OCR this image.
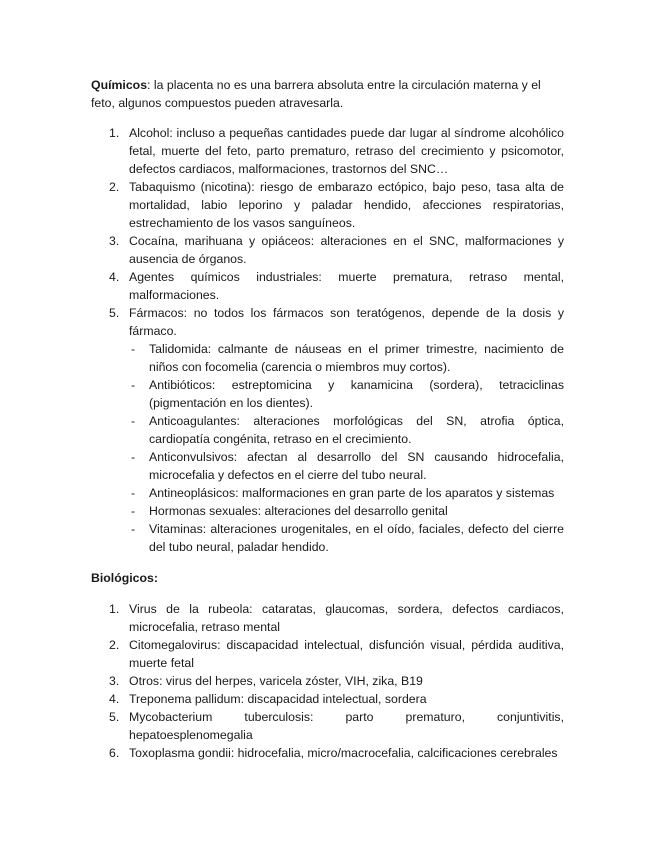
Químicos: la placenta no es una barrera absoluta entre la circulación materna y el feto, algunos compuestos pueden atravesarla.

1. Alcohol: incluso a pequeñas cantidades puede dar lugar al síndrome alcohólico fetal, muerte del feto, parto prematuro, retraso del crecimiento y psicomotor, defectos cardiacos, malformaciones, trastornos del SNC…
2. Tabaquismo (nicotina): riesgo de embarazo ectópico, bajo peso, tasa alta de mortalidad, labio leporino y paladar hendido, afecciones respiratorias, estrechamiento de los vasos sanguíneos.
3. Cocaína, marihuana y opiáceos: alteraciones en el SNC, malformaciones y ausencia de órganos.
4. Agentes químicos industriales: muerte prematura, retraso mental, malformaciones.
5. Fármacos: no todos los fármacos son teratógenos, depende de la dosis y fármaco.
- Talidomida: calmante de náuseas en el primer trimestre, nacimiento de niños con focomelia (carencia o miembros muy cortos).
- Antibióticos: estreptomicina y kanamicina (sordera), tetraciclinas (pigmentación en los dientes).
- Anticoagulantes: alteraciones morfológicas del SN, atrofia óptica, cardiopatía congénita, retraso en el crecimiento.
- Anticonvulsivos: afectan al desarrollo del SN causando hidrocefalia, microcefalia y defectos en el cierre del tubo neural.
- Antineoplásicos: malformaciones en gran parte de los aparatos y sistemas
- Hormonas sexuales: alteraciones del desarrollo genital
- Vitaminas: alteraciones urogenitales, en el oído, faciales, defecto del cierre del tubo neural, paladar hendido.

Biológicos:

1. Virus de la rubeola: cataratas, glaucomas, sordera, defectos cardiacos, microcefalia, retraso mental
2. Citomegalovirus: discapacidad intelectual, disfunción visual, pérdida auditiva, muerte fetal
3. Otros: virus del herpes, varicela zóster, VIH, zika, B19
4. Treponema pallidum: discapacidad intelectual, sordera
5. Mycobacterium tuberculosis: parto prematuro, conjuntivitis, hepatoesplenomegalia
6. Toxoplasma gondii: hidrocefalia, micro/macrocefalia, calcificaciones cerebrales
